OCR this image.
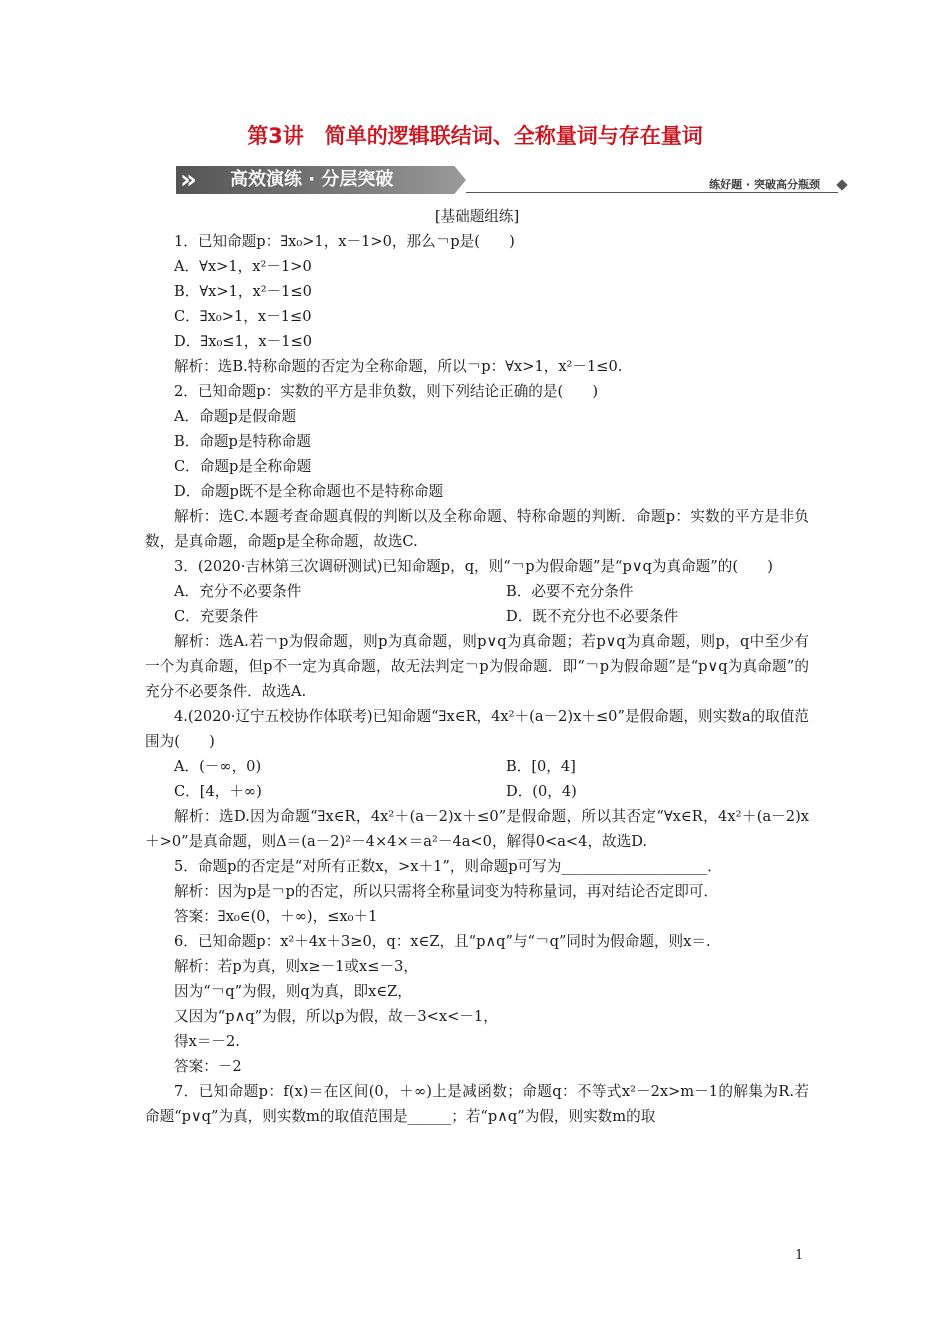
第3讲　简单的逻辑联结词、全称量词与存在量词
»	高效演练 · 分层突破	练好题 · 突破高分瓶颈
[基础题组练]
1．已知命题p：∃x₀>1，x－1>0，那么￢p是(　　)
A．∀x>1，x²－1>0
B．∀x>1，x²－1≤0
C．∃x₀>1，x－1≤0
D．∃x₀≤1，x－1≤0
解析：选B.特称命题的否定为全称命题，所以￢p：∀x>1，x²－1≤0.
2．已知命题p：实数的平方是非负数，则下列结论正确的是(　　)
A．命题p是假命题
B．命题p是特称命题
C．命题p是全称命题
D．命题p既不是全称命题也不是特称命题
解析：选C.本题考查命题真假的判断以及全称命题、特称命题的判断．命题p：实数的平方是非负数，是真命题，命题p是全称命题，故选C.
3．(2020·吉林第三次调研测试)已知命题p，q，则“￢p为假命题”是“p∨q为真命题”的(　　)
A．充分不必要条件	B．必要不充分条件
C．充要条件	D．既不充分也不必要条件
解析：选A.若￢p为假命题，则p为真命题，则p∨q为真命题；若p∨q为真命题，则p，q中至少有一个为真命题，但p不一定为真命题，故无法判定￢p为假命题．即“￢p为假命题”是“p∨q为真命题”的充分不必要条件．故选A.
4.(2020·辽宁五校协作体联考)已知命题“∃x∈R，4x²＋(a－2)x＋≤0”是假命题，则实数a的取值范围为(　　)
A．(－∞，0)	B．[0，4]
C．[4，＋∞)	D．(0，4)
解析：选D.因为命题“∃x∈R，4x²＋(a－2)x＋≤0”是假命题，所以其否定“∀x∈R，4x²＋(a－2)x＋>0”是真命题，则Δ＝(a－2)²－4×4×＝a²－4a<0，解得0<a<4，故选D.
5．命题p的否定是“对所有正数x，>x＋1”，则命题p可写为____________________．
解析：因为p是￢p的否定，所以只需将全称量词变为特称量词，再对结论否定即可．
答案：∃x₀∈(0，＋∞)，≤x₀＋1
6．已知命题p：x²＋4x＋3≥0，q：x∈Z，且“p∧q”与“￢q”同时为假命题，则x＝.
解析：若p为真，则x≥－1或x≤－3，
因为“￢q”为假，则q为真，即x∈Z，
又因为“p∧q”为假，所以p为假，故－3<x<－1，
得x＝－2.
答案：－2
7．已知命题p：f(x)＝在区间(0，＋∞)上是减函数；命题q：不等式x²－2x>m－1的解集为R.若命题“p∨q”为真，则实数m的取值范围是______；若“p∧q”为假，则实数m的取
1
